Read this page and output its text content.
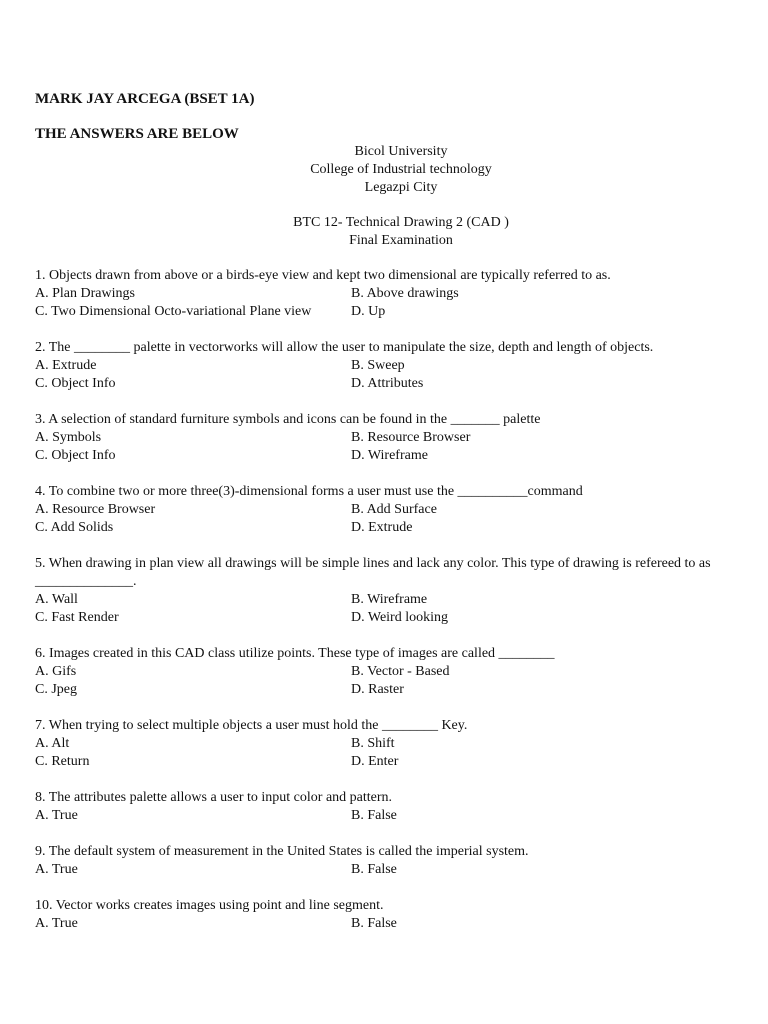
MARK JAY ARCEGA (BSET 1A)
THE ANSWERS ARE BELOW
Bicol University
College of Industrial technology
Legazpi City
BTC 12- Technical Drawing 2 (CAD )
Final Examination
1. Objects drawn from above or a birds-eye view and kept two dimensional are typically referred to as.
A. Plan Drawings	B. Above drawings
C. Two Dimensional Octo-variational Plane view	D. Up
2. The ________ palette in vectorworks will allow the user to manipulate the size, depth and length of objects.
A. Extrude	B. Sweep
C. Object Info	D. Attributes
3. A selection of standard furniture symbols and icons can be found in the _______ palette
A. Symbols	B. Resource Browser
C. Object Info	D. Wireframe
4. To combine two or more three(3)-dimensional forms a user must use the __________command
A. Resource Browser	B. Add Surface
C. Add Solids	D. Extrude
5. When drawing in plan view all drawings will be simple lines and lack any color. This type of drawing is refereed to as
______________.
A. Wall	B. Wireframe
C. Fast Render	D. Weird looking
6. Images created in this CAD class utilize points. These type of images are called ________
A. Gifs	B. Vector - Based
C. Jpeg	D. Raster
7. When trying to select multiple objects a user must hold the ________ Key.
A. Alt	B. Shift
C. Return	D. Enter
8. The attributes palette allows a user to input color and pattern.
A. True	B. False
9. The default system of measurement in the United States is called the imperial system.
A. True	B. False
10. Vector works creates images using point and line segment.
A. True	B. False
